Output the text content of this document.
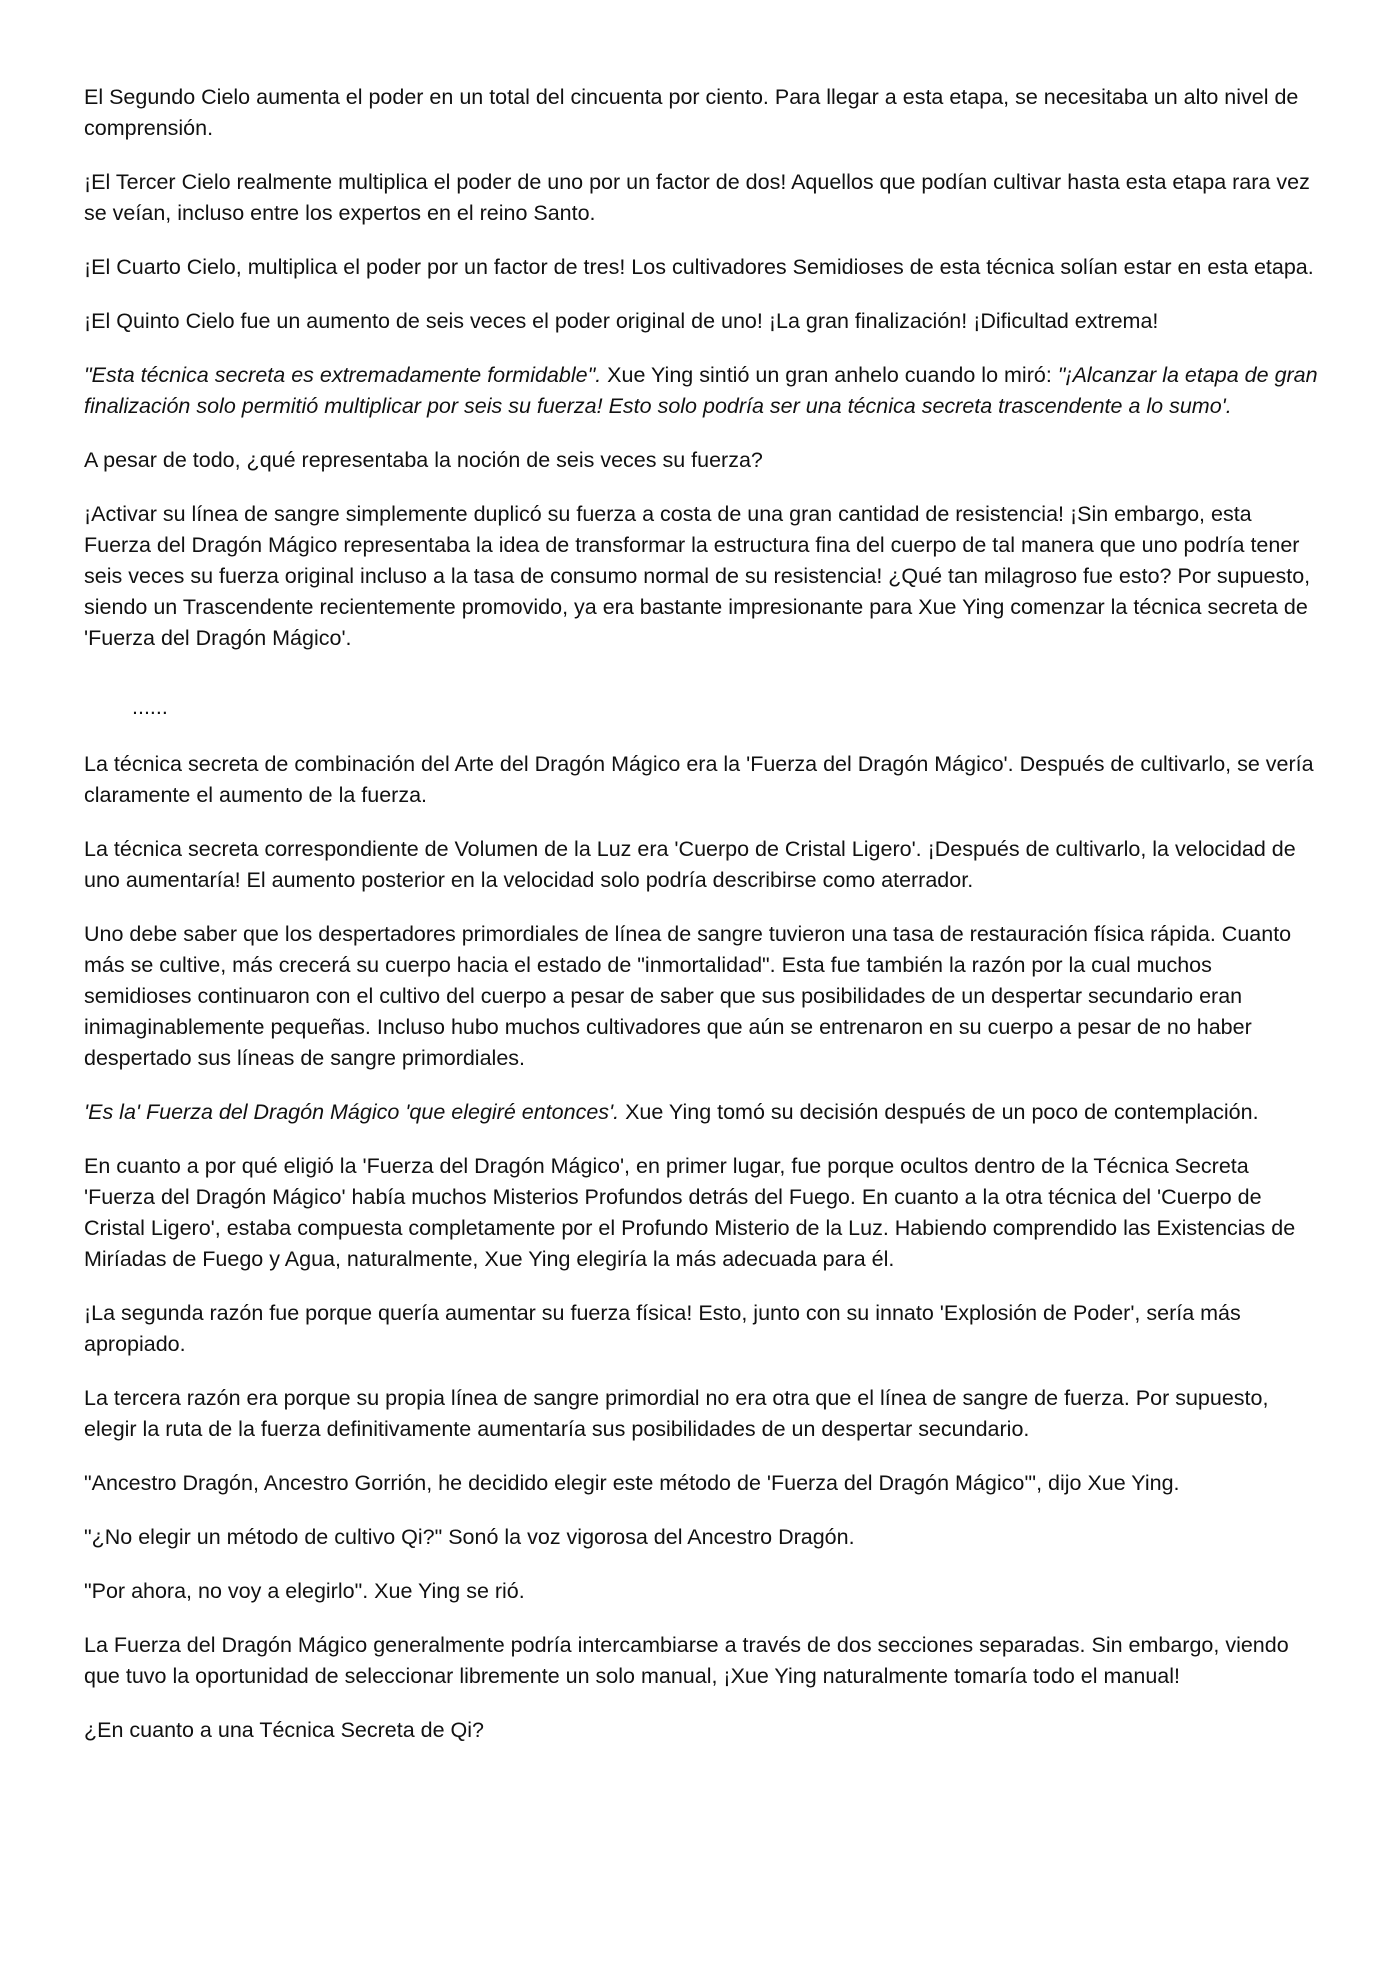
El Segundo Cielo aumenta el poder en un total del cincuenta por ciento. Para llegar a esta etapa, se necesitaba un alto nivel de comprensión.

¡El Tercer Cielo realmente multiplica el poder de uno por un factor de dos! Aquellos que podían cultivar hasta esta etapa rara vez se veían, incluso entre los expertos en el reino Santo.

¡El Cuarto Cielo, multiplica el poder por un factor de tres! Los cultivadores Semidioses de esta técnica solían estar en esta etapa.

¡El Quinto Cielo fue un aumento de seis veces el poder original de uno! ¡La gran finalización! ¡Dificultad extrema!

"Esta técnica secreta es extremadamente formidable". Xue Ying sintió un gran anhelo cuando lo miró: "¡Alcanzar la etapa de gran finalización solo permitió multiplicar por seis su fuerza! Esto solo podría ser una técnica secreta trascendente a lo sumo'.

A pesar de todo, ¿qué representaba la noción de seis veces su fuerza?

¡Activar su línea de sangre simplemente duplicó su fuerza a costa de una gran cantidad de resistencia! ¡Sin embargo, esta Fuerza del Dragón Mágico representaba la idea de transformar la estructura fina del cuerpo de tal manera que uno podría tener seis veces su fuerza original incluso a la tasa de consumo normal de su resistencia! ¿Qué tan milagroso fue esto? Por supuesto, siendo un Trascendente recientemente promovido, ya era bastante impresionante para Xue Ying comenzar la técnica secreta de 'Fuerza del Dragón Mágico'.

......

La técnica secreta de combinación del Arte del Dragón Mágico era la 'Fuerza del Dragón Mágico'. Después de cultivarlo, se vería claramente el aumento de la fuerza.

La técnica secreta correspondiente de Volumen de la Luz era 'Cuerpo de Cristal Ligero'. ¡Después de cultivarlo, la velocidad de uno aumentaría! El aumento posterior en la velocidad solo podría describirse como aterrador.

Uno debe saber que los despertadores primordiales de línea de sangre tuvieron una tasa de restauración física rápida. Cuanto más se cultive, más crecerá su cuerpo hacia el estado de "inmortalidad". Esta fue también la razón por la cual muchos semidioses continuaron con el cultivo del cuerpo a pesar de saber que sus posibilidades de un despertar secundario eran inimaginablemente pequeñas. Incluso hubo muchos cultivadores que aún se entrenaron en su cuerpo a pesar de no haber despertado sus líneas de sangre primordiales.

'Es la' Fuerza del Dragón Mágico 'que elegiré entonces'. Xue Ying tomó su decisión después de un poco de contemplación.

En cuanto a por qué eligió la 'Fuerza del Dragón Mágico', en primer lugar, fue porque ocultos dentro de la Técnica Secreta 'Fuerza del Dragón Mágico' había muchos Misterios Profundos detrás del Fuego. En cuanto a la otra técnica del 'Cuerpo de Cristal Ligero', estaba compuesta completamente por el Profundo Misterio de la Luz. Habiendo comprendido las Existencias de Miríadas de Fuego y Agua, naturalmente, Xue Ying elegiría la más adecuada para él.

¡La segunda razón fue porque quería aumentar su fuerza física! Esto, junto con su innato 'Explosión de Poder', sería más apropiado.

La tercera razón era porque su propia línea de sangre primordial no era otra que el línea de sangre de fuerza. Por supuesto, elegir la ruta de la fuerza definitivamente aumentaría sus posibilidades de un despertar secundario.

"Ancestro Dragón, Ancestro Gorrión, he decidido elegir este método de 'Fuerza del Dragón Mágico'", dijo Xue Ying.

"¿No elegir un método de cultivo Qi?" Sonó la voz vigorosa del Ancestro Dragón.

"Por ahora, no voy a elegirlo". Xue Ying se rió.

La Fuerza del Dragón Mágico generalmente podría intercambiarse a través de dos secciones separadas. Sin embargo, viendo que tuvo la oportunidad de seleccionar libremente un solo manual, ¡Xue Ying naturalmente tomaría todo el manual!

¿En cuanto a una Técnica Secreta de Qi?
